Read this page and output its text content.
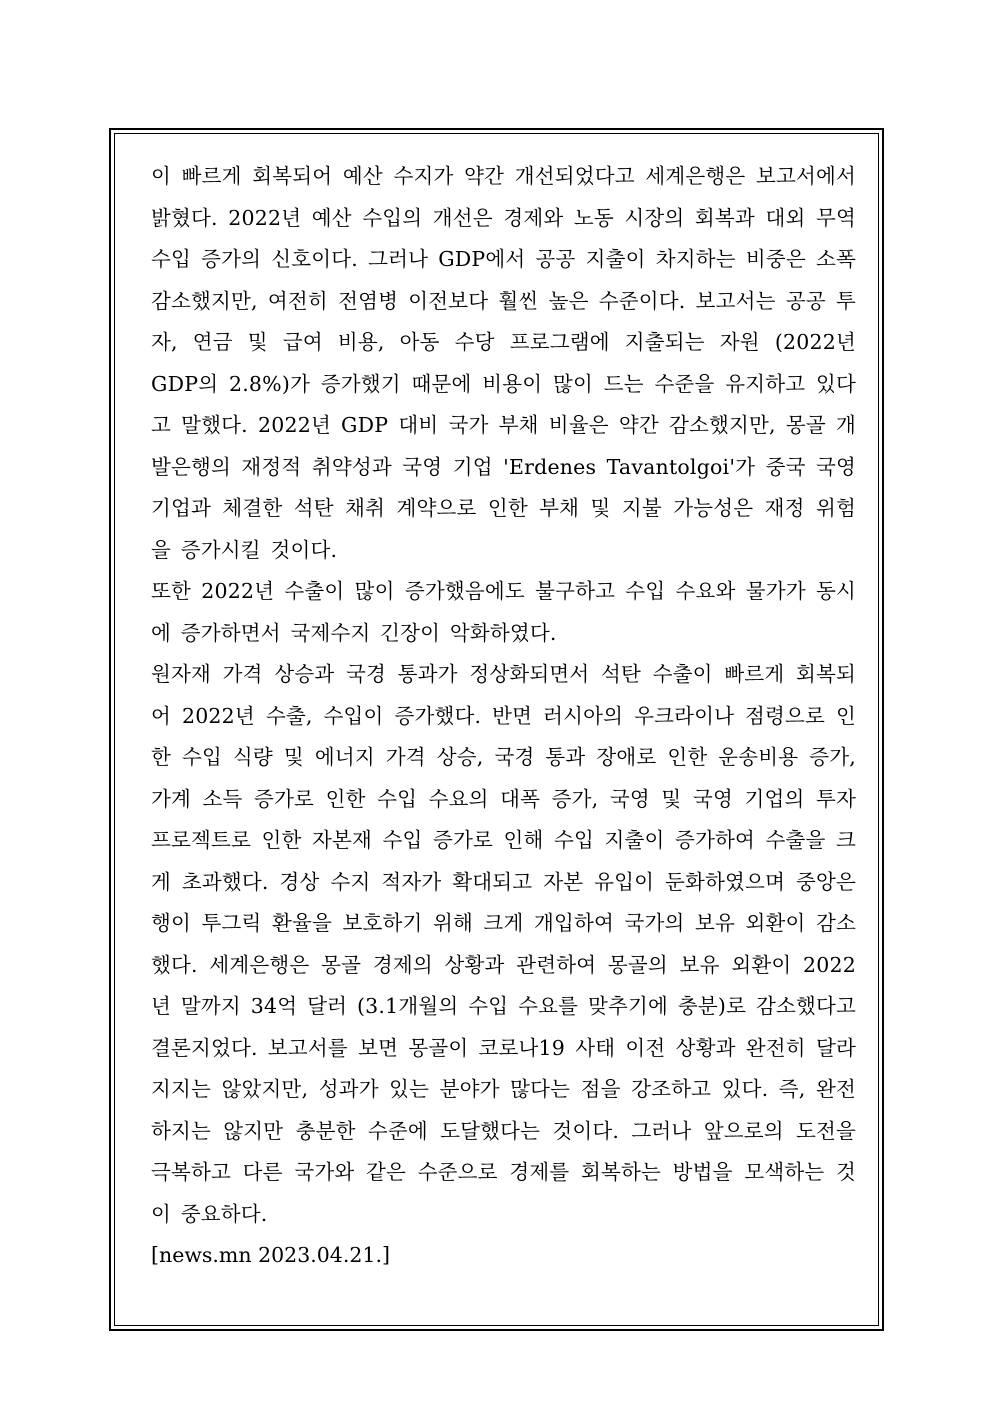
이 빠르게 회복되어 예산 수지가 약간 개선되었다고 세계은행은 보고서에서 밝혔다. 2022년 예산 수입의 개선은 경제와 노동 시장의 회복과 대외 무역 수입 증가의 신호이다. 그러나 GDP에서 공공 지출이 차지하는 비중은 소폭 감소했지만, 여전히 전염병 이전보다 훨씬 높은 수준이다. 보고서는 공공 투자, 연금 및 급여 비용, 아동 수당 프로그램에 지출되는 자원 (2022년 GDP의 2.8%)가 증가했기 때문에 비용이 많이 드는 수준을 유지하고 있다고 말했다. 2022년 GDP 대비 국가 부채 비율은 약간 감소했지만, 몽골 개발은행의 재정적 취약성과 국영 기업 'Erdenes Tavantolgoi'가 중국 국영 기업과 체결한 석탄 채취 계약으로 인한 부채 및 지불 가능성은 재정 위험을 증가시킬 것이다.

또한 2022년 수출이 많이 증가했음에도 불구하고 수입 수요와 물가가 동시에 증가하면서 국제수지 긴장이 악화하였다.

원자재 가격 상승과 국경 통과가 정상화되면서 석탄 수출이 빠르게 회복되어 2022년 수출, 수입이 증가했다. 반면 러시아의 우크라이나 점령으로 인한 수입 식량 및 에너지 가격 상승, 국경 통과 장애로 인한 운송비용 증가, 가계 소득 증가로 인한 수입 수요의 대폭 증가, 국영 및 국영 기업의 투자 프로젝트로 인한 자본재 수입 증가로 인해 수입 지출이 증가하여 수출을 크게 초과했다. 경상 수지 적자가 확대되고 자본 유입이 둔화하였으며 중앙은행이 투그릭 환율을 보호하기 위해 크게 개입하여 국가의 보유 외환이 감소했다. 세계은행은 몽골 경제의 상황과 관련하여 몽골의 보유 외환이 2022년 말까지 34억 달러 (3.1개월의 수입 수요를 맞추기에 충분)로 감소했다고 결론지었다. 보고서를 보면 몽골이 코로나19 사태 이전 상황과 완전히 달라지지는 않았지만, 성과가 있는 분야가 많다는 점을 강조하고 있다. 즉, 완전하지는 않지만 충분한 수준에 도달했다는 것이다. 그러나 앞으로의 도전을 극복하고 다른 국가와 같은 수준으로 경제를 회복하는 방법을 모색하는 것이 중요하다.

[news.mn 2023.04.21.]
